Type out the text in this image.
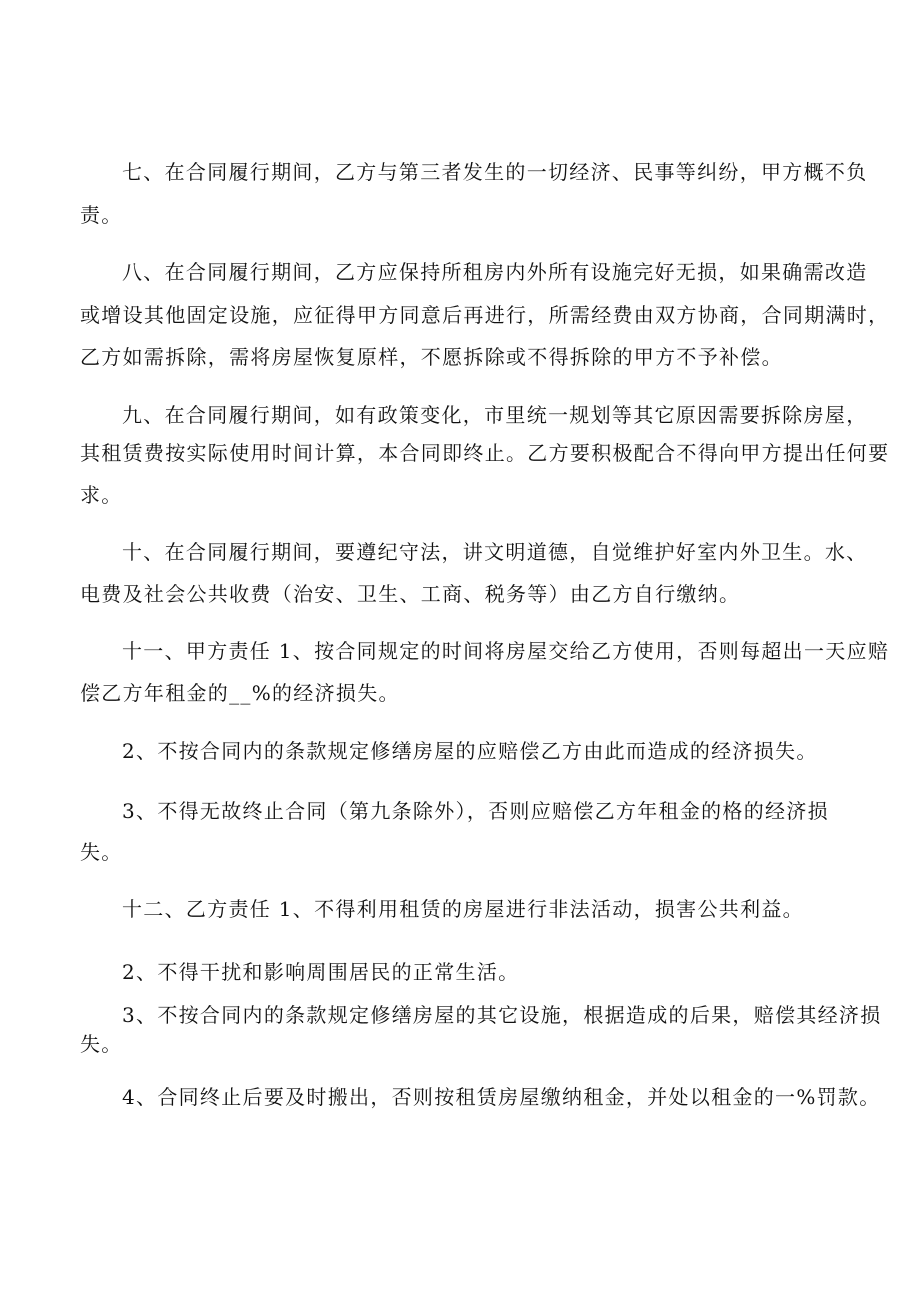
七、在合同履行期间，乙方与第三者发生的一切经济、民事等纠纷，甲方概不负
责。
八、在合同履行期间，乙方应保持所租房内外所有设施完好无损，如果确需改造
或增设其他固定设施，应征得甲方同意后再进行，所需经费由双方协商，合同期满时，
乙方如需拆除，需将房屋恢复原样，不愿拆除或不得拆除的甲方不予补偿。
九、在合同履行期间，如有政策变化，市里统一规划等其它原因需要拆除房屋，
其租赁费按实际使用时间计算，本合同即终止。乙方要积极配合不得向甲方提出任何要
求。
十、在合同履行期间，要遵纪守法，讲文明道德，自觉维护好室内外卫生。水、
电费及社会公共收费（治安、卫生、工商、税务等）由乙方自行缴纳。
十一、甲方责任 1、按合同规定的时间将房屋交给乙方使用，否则每超出一天应赔
偿乙方年租金的__%的经济损失。
2、不按合同内的条款规定修缮房屋的应赔偿乙方由此而造成的经济损失。
3、不得无故终止合同（第九条除外），否则应赔偿乙方年租金的格的经济损
失。
十二、乙方责任 1、不得利用租赁的房屋进行非法活动，损害公共利益。
2、不得干扰和影响周围居民的正常生活。
3、不按合同内的条款规定修缮房屋的其它设施，根据造成的后果，赔偿其经济损
失。
4、合同终止后要及时搬出，否则按租赁房屋缴纳租金，并处以租金的一%罚款。
